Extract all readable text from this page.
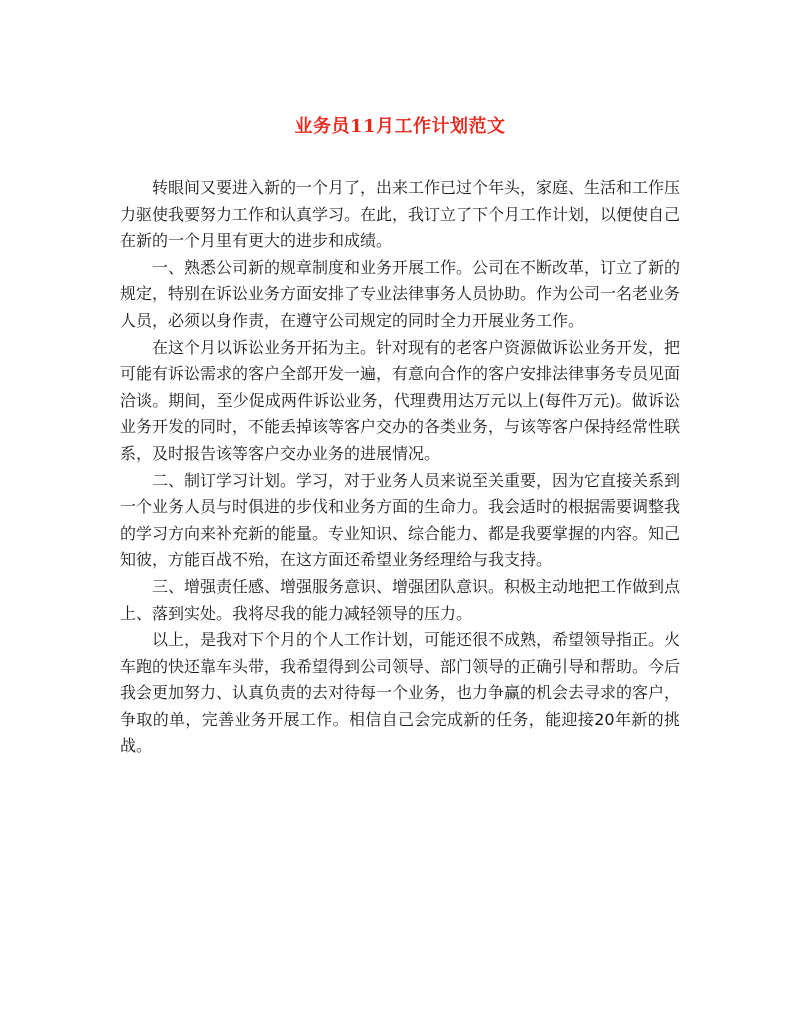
业务员11月工作计划范文

转眼间又要进入新的一个月了，出来工作已过个年头，家庭、生活和工作压力驱使我要努力工作和认真学习。在此，我订立了下个月工作计划，以便使自己在新的一个月里有更大的进步和成绩。

一、熟悉公司新的规章制度和业务开展工作。公司在不断改革，订立了新的规定，特别在诉讼业务方面安排了专业法律事务人员协助。作为公司一名老业务人员，必须以身作责，在遵守公司规定的同时全力开展业务工作。

在这个月以诉讼业务开拓为主。针对现有的老客户资源做诉讼业务开发，把可能有诉讼需求的客户全部开发一遍，有意向合作的客户安排法律事务专员见面洽谈。期间，至少促成两件诉讼业务，代理费用达万元以上(每件万元)。做诉讼业务开发的同时，不能丢掉该等客户交办的各类业务，与该等客户保持经常性联系，及时报告该等客户交办业务的进展情况。

二、制订学习计划。学习，对于业务人员来说至关重要，因为它直接关系到一个业务人员与时俱进的步伐和业务方面的生命力。我会适时的根据需要调整我的学习方向来补充新的能量。专业知识、综合能力、都是我要掌握的内容。知己知彼，方能百战不殆，在这方面还希望业务经理给与我支持。

三、增强责任感、增强服务意识、增强团队意识。积极主动地把工作做到点上、落到实处。我将尽我的能力减轻领导的压力。

以上，是我对下个月的个人工作计划，可能还很不成熟，希望领导指正。火车跑的快还靠车头带，我希望得到公司领导、部门领导的正确引导和帮助。今后我会更加努力、认真负责的去对待每一个业务，也力争赢的机会去寻求的客户，争取的单，完善业务开展工作。相信自己会完成新的任务，能迎接20年新的挑战。
